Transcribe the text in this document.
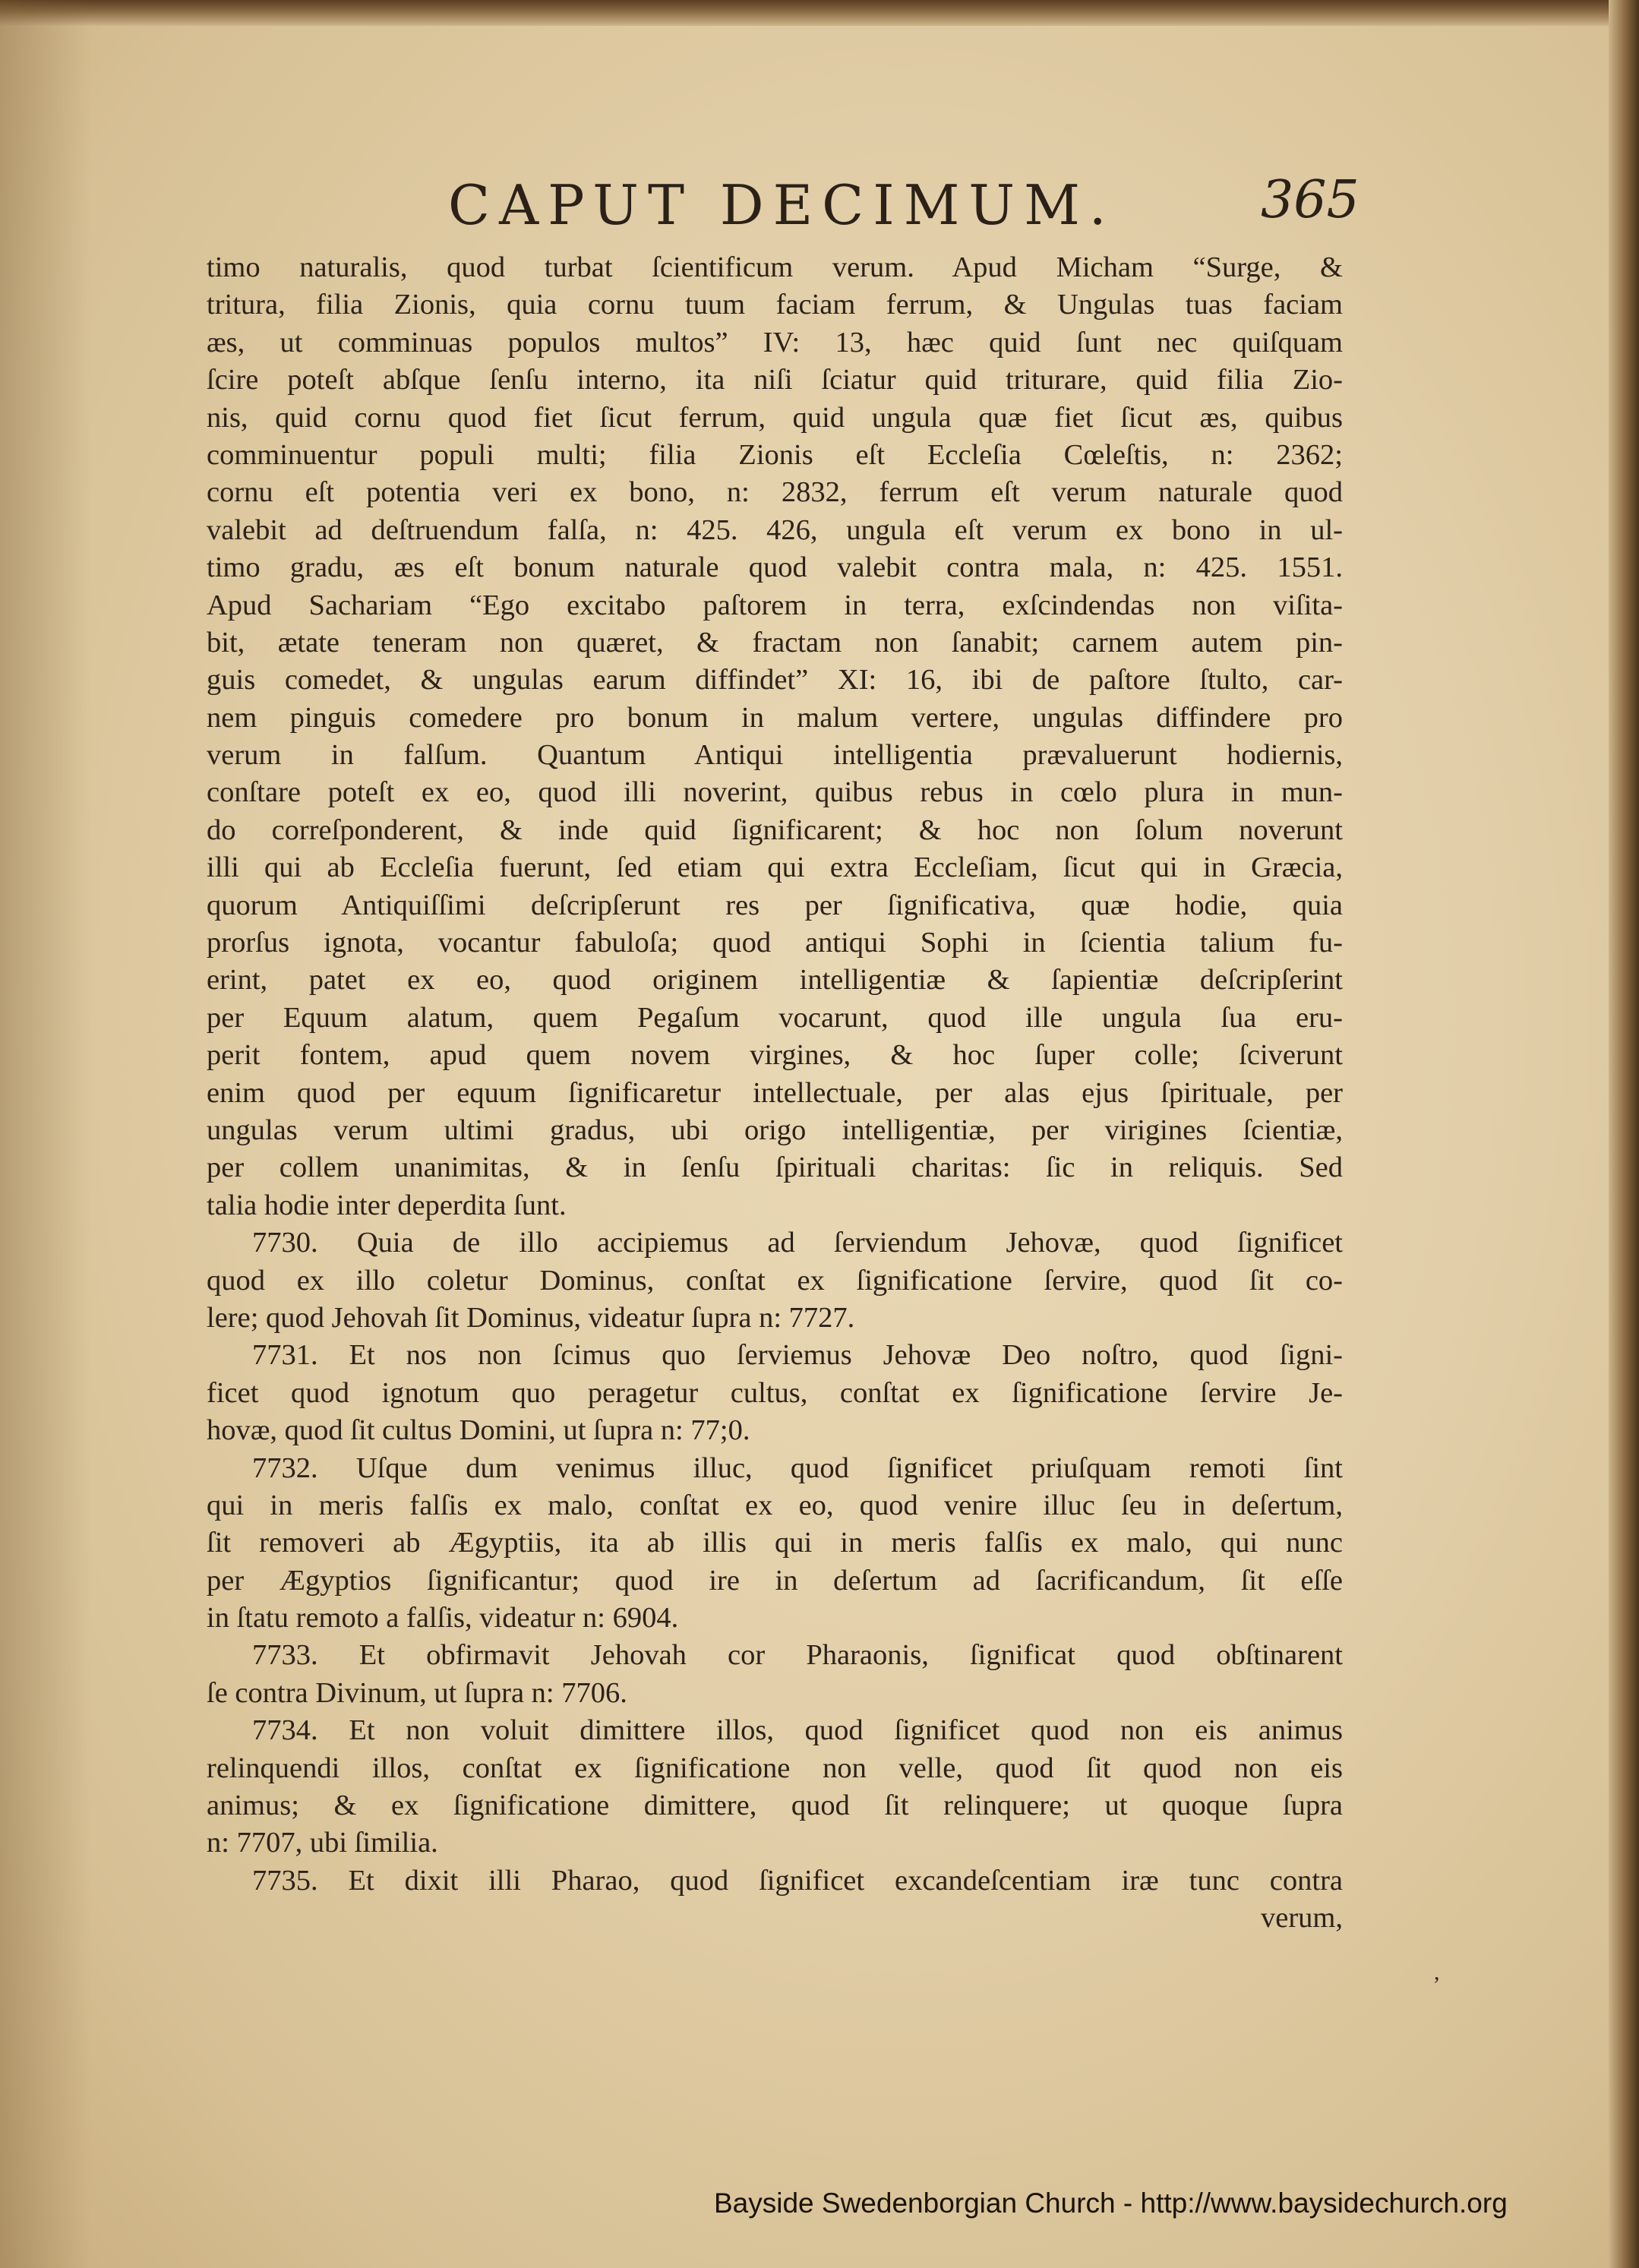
CAPUT DECIMUM.	365
timo naturalis, quod turbat ſcientificum verum. Apud Micham “Surge, &
tritura, filia Zionis, quia cornu tuum faciam ferrum, & Ungulas tuas faciam
æs, ut comminuas populos multos” IV: 13, hæc quid ſunt nec quiſquam
ſcire poteſt abſque ſenſu interno, ita niſi ſciatur quid triturare, quid filia Zio-
nis, quid cornu quod fiet ſicut ferrum, quid ungula quæ fiet ſicut æs, quibus
comminuentur populi multi; filia Zionis eſt Eccleſia Cœleſtis, n: 2362;
cornu eſt potentia veri ex bono, n: 2832, ferrum eſt verum naturale quod
valebit ad deſtruendum falſa, n: 425. 426, ungula eſt verum ex bono in ul-
timo gradu, æs eſt bonum naturale quod valebit contra mala, n: 425. 1551.
Apud Sachariam “Ego excitabo paſtorem in terra, exſcindendas non viſita-
bit, ætate teneram non quæret, & fractam non ſanabit; carnem autem pin-
guis comedet, & ungulas earum diffindet” XI: 16, ibi de paſtore ſtulto, car-
nem pinguis comedere pro bonum in malum vertere, ungulas diffindere pro
verum in falſum. Quantum Antiqui intelligentia prævaluerunt hodiernis,
conſtare poteſt ex eo, quod illi noverint, quibus rebus in cœlo plura in mun-
do correſponderent, & inde quid ſignificarent; & hoc non ſolum noverunt
illi qui ab Eccleſia fuerunt, ſed etiam qui extra Eccleſiam, ſicut qui in Græcia,
quorum Antiquiſſimi deſcripſerunt res per ſignificativa, quæ hodie, quia
prorſus ignota, vocantur fabuloſa; quod antiqui Sophi in ſcientia talium fu-
erint, patet ex eo, quod originem intelligentiæ & ſapientiæ deſcripſerint
per Equum alatum, quem Pegaſum vocarunt, quod ille ungula ſua eru-
perit fontem, apud quem novem virgines, & hoc ſuper colle; ſciverunt
enim quod per equum ſignificaretur intellectuale, per alas ejus ſpirituale, per
ungulas verum ultimi gradus, ubi origo intelligentiæ, per virigines ſcientiæ,
per collem unanimitas, & in ſenſu ſpirituali charitas: ſic in reliquis. Sed
talia hodie inter deperdita ſunt.
7730. Quia de illo accipiemus ad ſerviendum Jehovæ, quod ſignificet
quod ex illo coletur Dominus, conſtat ex ſignificatione ſervire, quod ſit co-
lere; quod Jehovah ſit Dominus, videatur ſupra n: 7727.
7731. Et nos non ſcimus quo ſerviemus Jehovæ Deo noſtro, quod ſigni-
ficet quod ignotum quo peragetur cultus, conſtat ex ſignificatione ſervire Je-
hovæ, quod ſit cultus Domini, ut ſupra n: 77;0.
7732. Uſque dum venimus illuc, quod ſignificet priuſquam remoti ſint
qui in meris falſis ex malo, conſtat ex eo, quod venire illuc ſeu in deſertum,
ſit removeri ab Ægyptiis, ita ab illis qui in meris falſis ex malo, qui nunc
per Ægyptios ſignificantur; quod ire in deſertum ad ſacrificandum, ſit eſſe
in ſtatu remoto a falſis, videatur n: 6904.
7733. Et obfirmavit Jehovah cor Pharaonis, ſignificat quod obſtinarent
ſe contra Divinum, ut ſupra n: 7706.
7734. Et non voluit dimittere illos, quod ſignificet quod non eis animus
relinquendi illos, conſtat ex ſignificatione non velle, quod ſit quod non eis
animus; & ex ſignificatione dimittere, quod ſit relinquere; ut quoque ſupra
n: 7707, ubi ſimilia.
7735. Et dixit illi Pharao, quod ſignificet excandeſcentiam iræ tunc contra
verum,
,
Bayside Swedenborgian Church - http://www.baysidechurch.org
